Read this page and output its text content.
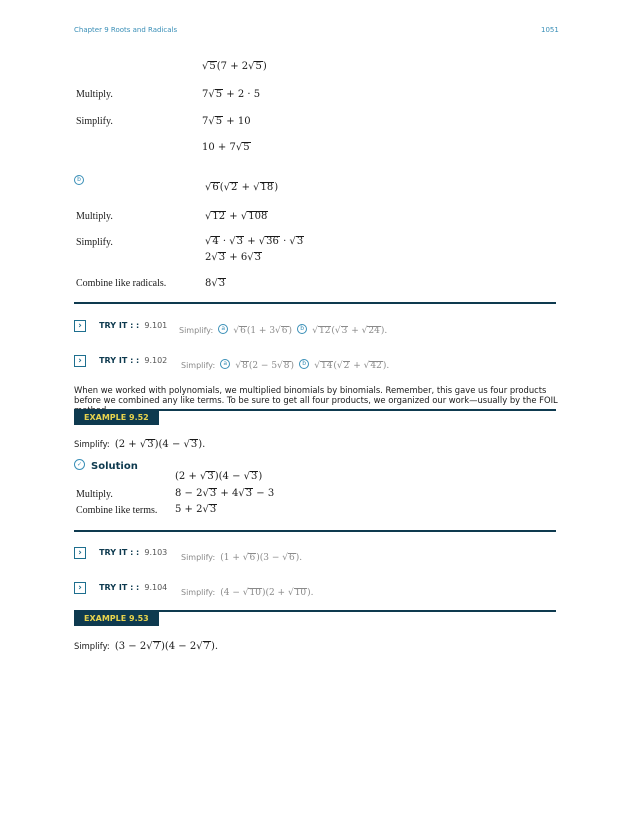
Chapter 9 Roots and Radicals	1051
√5(7 + 2√5)
Multiply.	7√5 + 2 · 5
Simplify.	7√5 + 10
10 + 7√5
b
√6(√2 + √18)
Multiply.	√12 + √108
Simplify.	√4 · √3 + √36 · √3
2√3 + 6√3
Combine like radicals.	8√3
› TRY IT : : 9.101
Simplify: a √6(1 + 3√6) b √12(√3 + √24).
› TRY IT : : 9.102
Simplify: a √8(2 − 5√8) b √14(√2 + √42).
When we worked with polynomials, we multiplied binomials by binomials. Remember, this gave us four products before we combined any like terms. To be sure to get all four products, we organized our work—usually by the FOIL
EXAMPLE 9.52
Simplify: (2 + √3)(4 − √3).
✓ Solution
(2 + √3)(4 − √3)
Multiply.	8 − 2√3 + 4√3 − 3
Combine like terms. 5 + 2√3
› TRY IT : : 9.103
Simplify: (1 + √6)(3 − √6).
› TRY IT : : 9.104
Simplify: (4 − √10)(2 + √10).
EXAMPLE 9.53
Simplify: (3 − 2√7)(4 − 2√7).
